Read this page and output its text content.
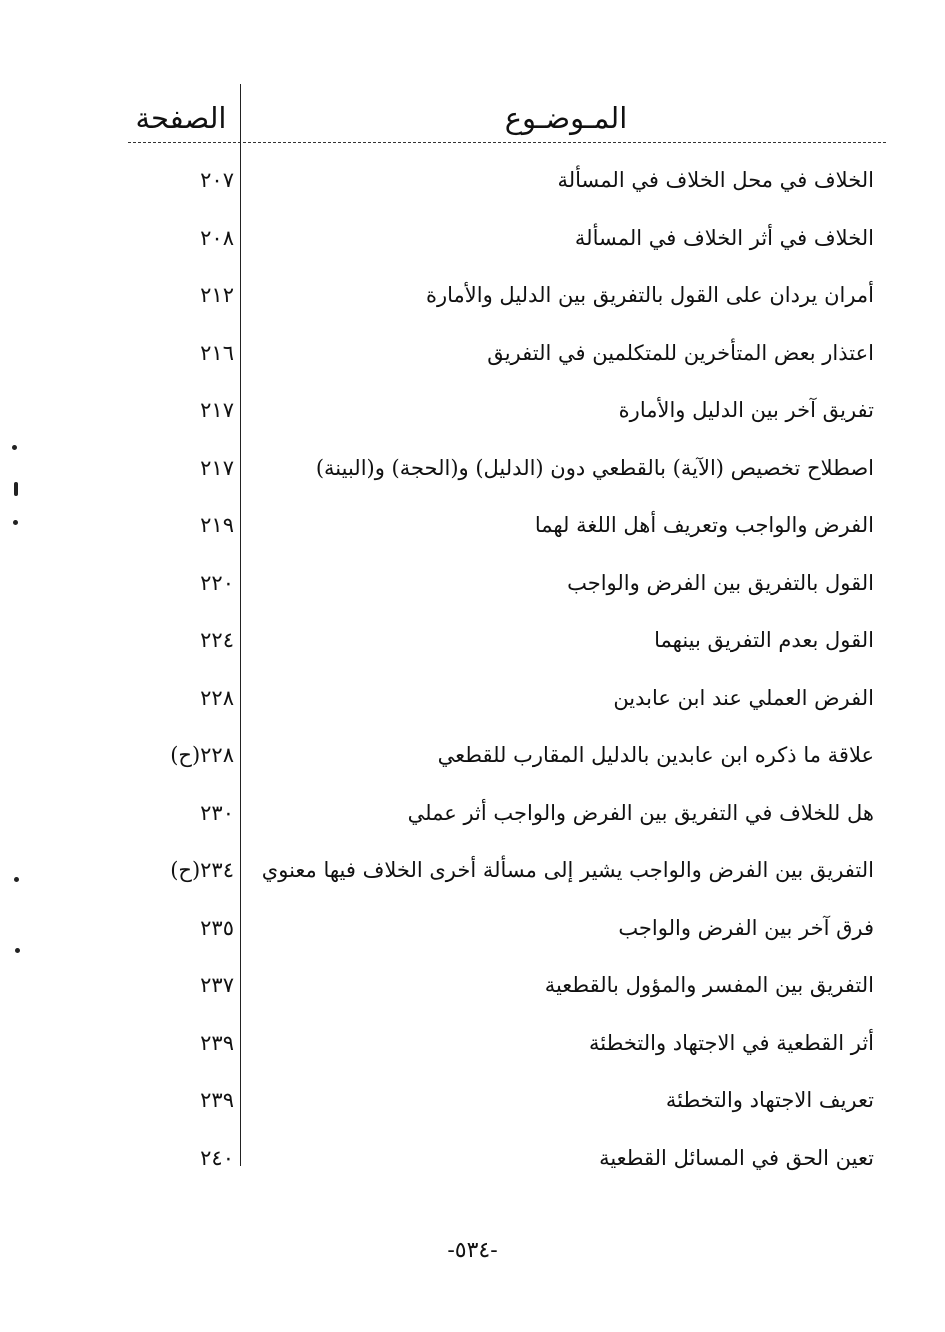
الصفحة	المـوضـوع
الخلاف في محل الخلاف في المسألة
٢٠٧
الخلاف في أثر الخلاف في المسألة
٢٠٨
أمران يردان على القول بالتفريق بين الدليل والأمارة
٢١٢
اعتذار بعض المتأخرين للمتكلمين في التفريق
٢١٦
تفريق آخر بين الدليل والأمارة
٢١٧
اصطلاح تخصيص (الآية) بالقطعي دون (الدليل) و(الحجة) و(البينة)
٢١٧
الفرض والواجب وتعريف أهل اللغة لهما
٢١٩
القول بالتفريق بين الفرض والواجب
٢٢٠
القول بعدم التفريق بينهما
٢٢٤
الفرض العملي عند ابن عابدين
٢٢٨
علاقة ما ذكره ابن عابدين بالدليل المقارب للقطعي
٢٢٨(ح)
هل للخلاف في التفريق بين الفرض والواجب أثر عملي
٢٣٠
التفريق بين الفرض والواجب يشير إلى مسألة أخرى الخلاف فيها معنوي
٢٣٤(ح)
فرق آخر بين الفرض والواجب
٢٣٥
التفريق بين المفسر والمؤول بالقطعية
٢٣٧
أثر القطعية في الاجتهاد والتخطئة
٢٣٩
تعريف الاجتهاد والتخطئة
٢٣٩
تعين الحق في المسائل القطعية
٢٤٠
-٥٣٤-
